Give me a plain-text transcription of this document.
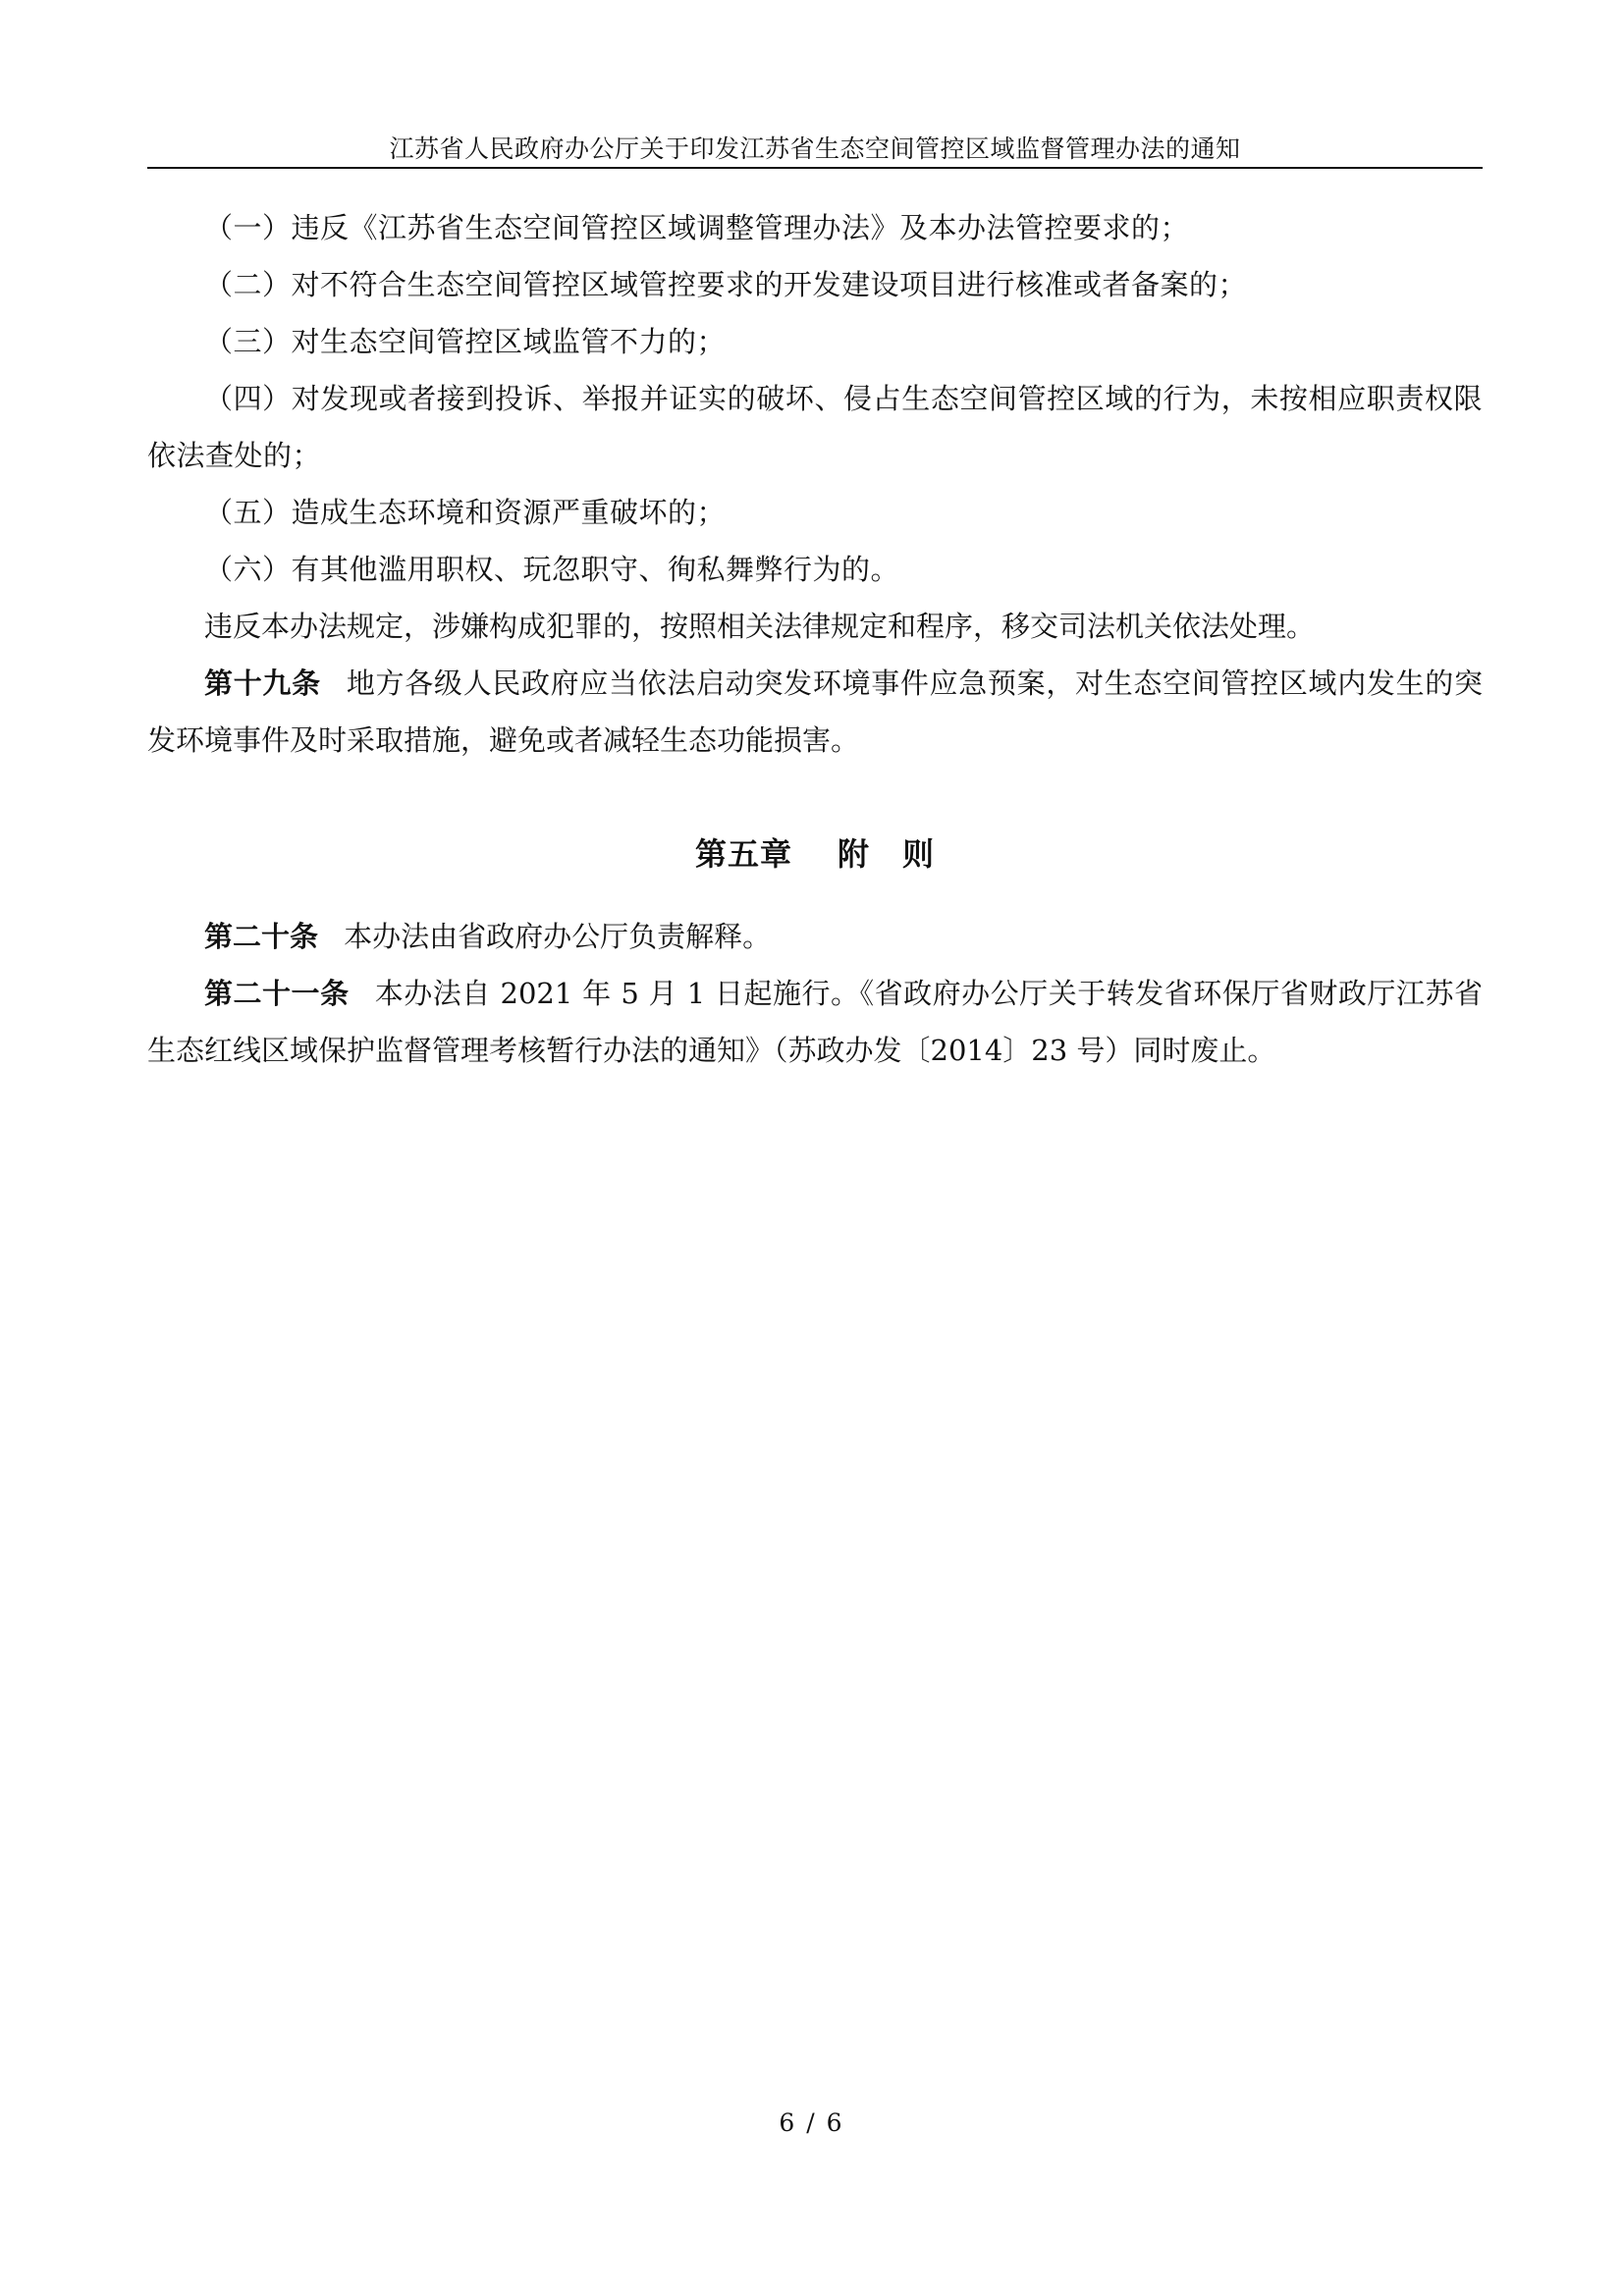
江苏省人民政府办公厅关于印发江苏省生态空间管控区域监督管理办法的通知

（一）违反《江苏省生态空间管控区域调整管理办法》及本办法管控要求的；

（二）对不符合生态空间管控区域管控要求的开发建设项目进行核准或者备案的；

（三）对生态空间管控区域监管不力的；

（四）对发现或者接到投诉、举报并证实的破坏、侵占生态空间管控区域的行为，未按相应职责权限依法查处的；

（五）造成生态环境和资源严重破坏的；

（六）有其他滥用职权、玩忽职守、徇私舞弊行为的。

违反本办法规定，涉嫌构成犯罪的，按照相关法律规定和程序，移交司法机关依法处理。

第十九条 地方各级人民政府应当依法启动突发环境事件应急预案，对生态空间管控区域内发生的突发环境事件及时采取措施，避免或者减轻生态功能损害。

第五章 附　则

第二十条 本办法由省政府办公厅负责解释。

第二十一条 本办法自 2021 年 5 月 1 日起施行。《省政府办公厅关于转发省环保厅省财政厅江苏省生态红线区域保护监督管理考核暂行办法的通知》（苏政办发〔2014〕23 号）同时废止。

6 / 6
